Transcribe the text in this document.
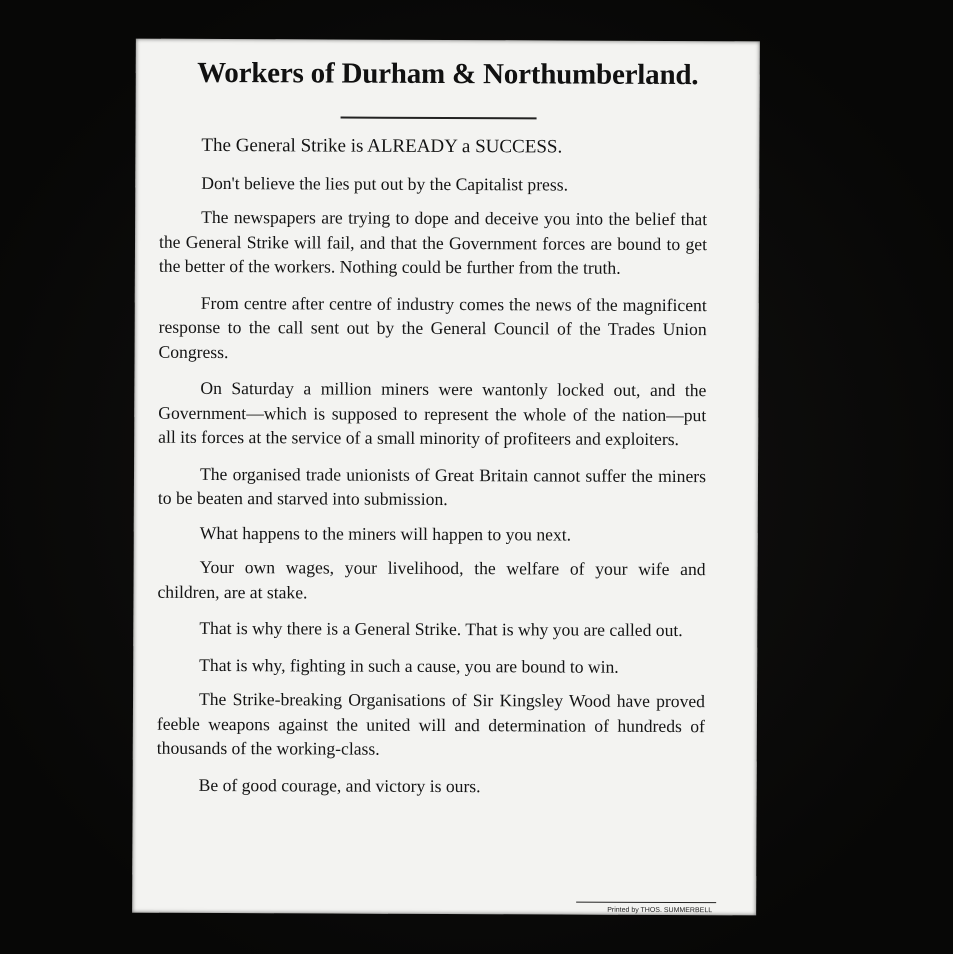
Workers of Durham & Northumberland.

The General Strike is ALREADY a SUCCESS.

Don't believe the lies put out by the Capitalist press.

The newspapers are trying to dope and deceive you into the belief that the General Strike will fail, and that the Government forces are bound to get the better of the workers. Nothing could be further from the truth.

From centre after centre of industry comes the news of the magnificent response to the call sent out by the General Council of the Trades Union Congress.

On Saturday a million miners were wantonly locked out, and the Government—which is supposed to represent the whole of the nation—put all its forces at the service of a small minority of profiteers and exploiters.

The organised trade unionists of Great Britain cannot suffer the miners to be beaten and starved into submission.

What happens to the miners will happen to you next.

Your own wages, your livelihood, the welfare of your wife and children, are at stake.

That is why there is a General Strike. That is why you are called out.

That is why, fighting in such a cause, you are bound to win.

The Strike-breaking Organisations of Sir Kingsley Wood have proved feeble weapons against the united will and determination of hundreds of thousands of the working-class.

Be of good courage, and victory is ours.

Printed by THOS. SUMMERBELL
